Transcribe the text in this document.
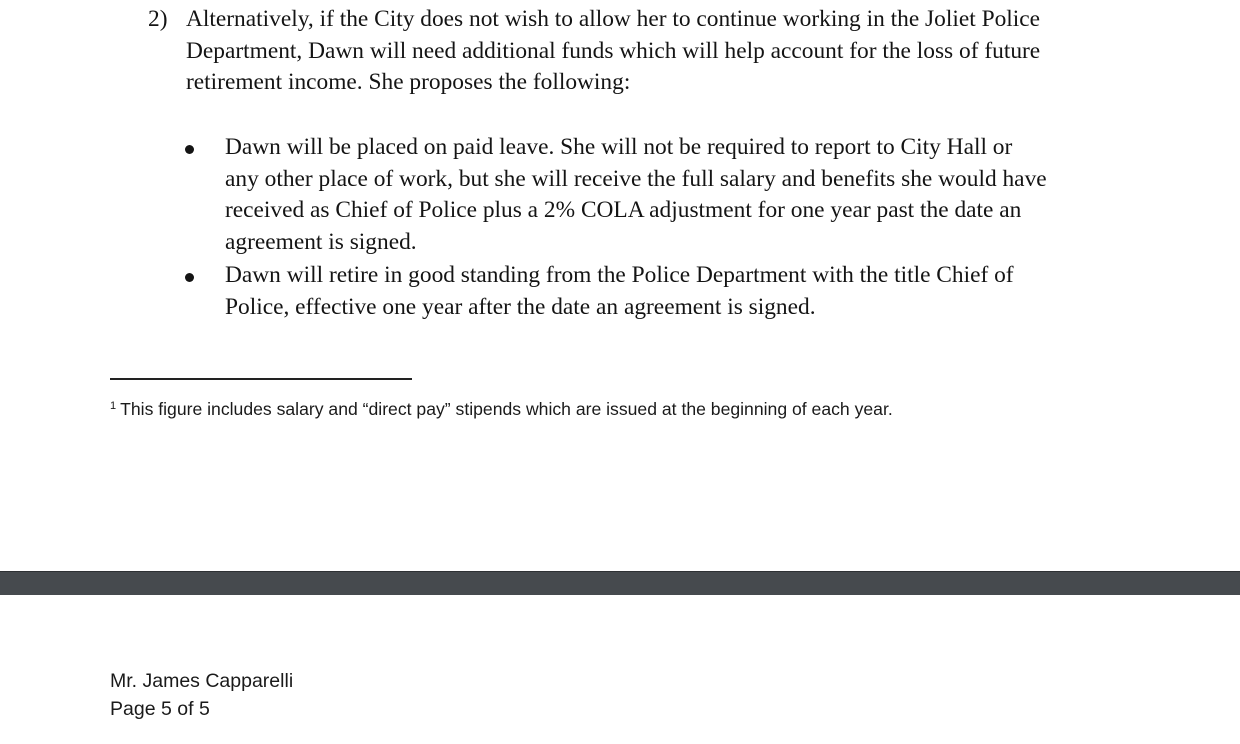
2) Alternatively, if the City does not wish to allow her to continue working in the Joliet Police
Department, Dawn will need additional funds which will help account for the loss of future
retirement income. She proposes the following:
Dawn will be placed on paid leave. She will not be required to report to City Hall or
any other place of work, but she will receive the full salary and benefits she would have
received as Chief of Police plus a 2% COLA adjustment for one year past the date an
agreement is signed.
Dawn will retire in good standing from the Police Department with the title Chief of
Police, effective one year after the date an agreement is signed.
$^1$ This figure includes salary and “direct pay” stipends which are issued at the beginning of each year.
Mr. James Capparelli
Page 5 of 5
